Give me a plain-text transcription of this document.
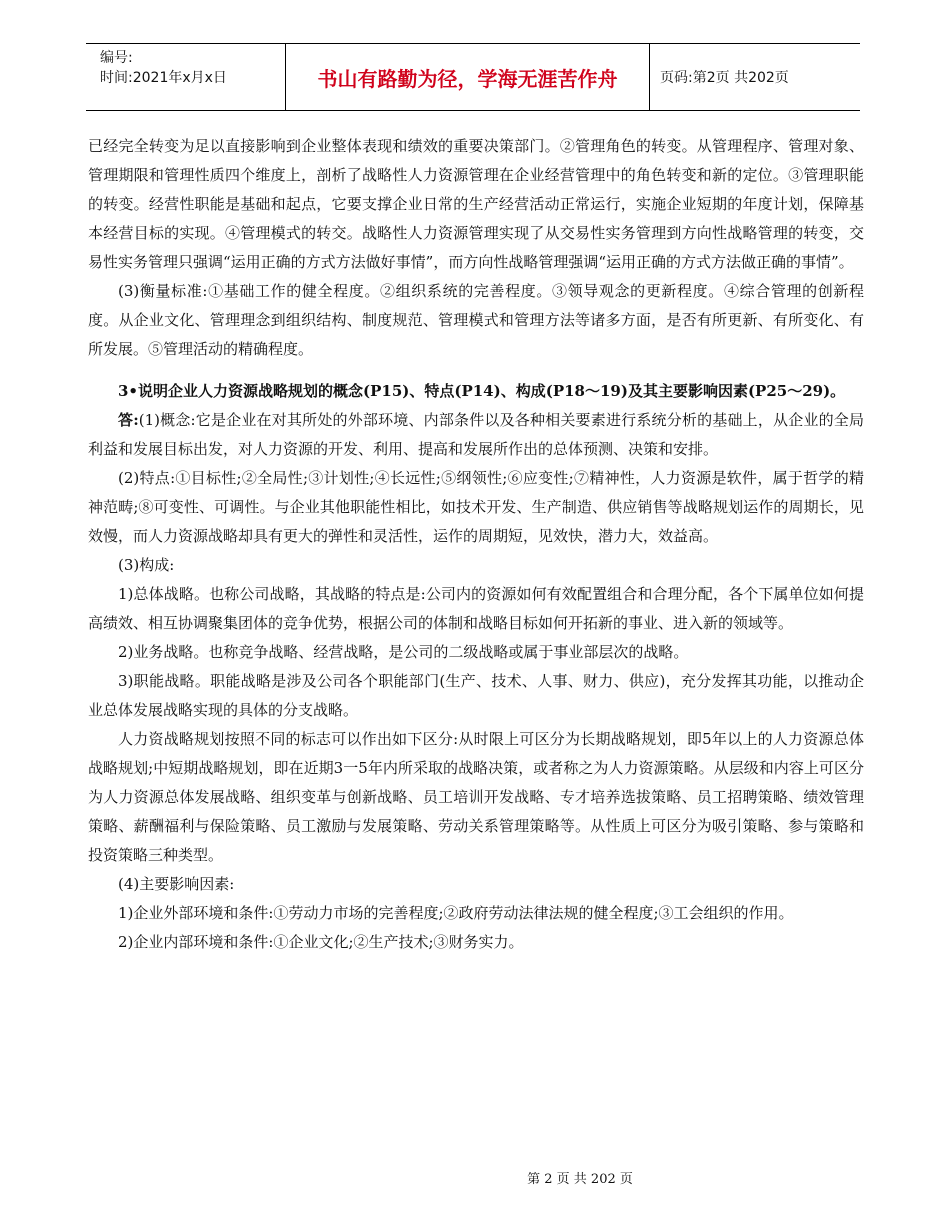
编号:
时间:2021年x月x日	书山有路勤为径，学海无涯苦作舟	页码:第2页 共202页

已经完全转变为足以直接影响到企业整体表现和绩效的重要决策部门。②管理角色的转变。从管理程序、管理对象、管理期限和管理性质四个维度上，剖析了战略性人力资源管理在企业经营管理中的角色转变和新的定位。③管理职能的转变。经营性职能是基础和起点，它要支撑企业日常的生产经营活动正常运行，实施企业短期的年度计划，保障基本经营目标的实现。④管理模式的转交。战略性人力资源管理实现了从交易性实务管理到方向性战略管理的转变，交易性实务管理只强调“运用正确的方式方法做好事情”，而方向性战略管理强调“运用正确的方式方法做正确的事情”。

(3)衡量标准:①基础工作的健全程度。②组织系统的完善程度。③领导观念的更新程度。④综合管理的创新程度。从企业文化、管理理念到组织结构、制度规范、管理模式和管理方法等诸多方面，是否有所更新、有所变化、有所发展。⑤管理活动的精确程度。

3•说明企业人力资源战略规划的概念(P15)、特点(P14)、构成(P18～19)及其主要影响因素(P25～29)。

答:(1)概念:它是企业在对其所处的外部环境、内部条件以及各种相关要素进行系统分析的基础上，从企业的全局利益和发展目标出发，对人力资源的开发、利用、提高和发展所作出的总体预测、决策和安排。

(2)特点:①目标性;②全局性;③计划性;④长远性;⑤纲领性;⑥应变性;⑦精神性，人力资源是软件，属于哲学的精神范畴;⑧可变性、可调性。与企业其他职能性相比，如技术开发、生产制造、供应销售等战略规划运作的周期长，见效慢，而人力资源战略却具有更大的弹性和灵活性，运作的周期短，见效快，潜力大，效益高。

(3)构成:

1)总体战略。也称公司战略，其战略的特点是:公司内的资源如何有效配置组合和合理分配，各个下属单位如何提高绩效、相互协调聚集团体的竞争优势，根据公司的体制和战略目标如何开拓新的事业、进入新的领域等。

2)业务战略。也称竞争战略、经营战略，是公司的二级战略或属于事业部层次的战略。

3)职能战略。职能战略是涉及公司各个职能部门(生产、技术、人事、财力、供应)，充分发挥其功能，以推动企业总体发展战略实现的具体的分支战略。

人力资战略规划按照不同的标志可以作出如下区分:从时限上可区分为长期战略规划，即5年以上的人力资源总体战略规划;中短期战略规划，即在近期3一5年内所采取的战略决策，或者称之为人力资源策略。从层级和内容上可区分为人力资源总体发展战略、组织变革与创新战略、员工培训开发战略、专才培养选拔策略、员工招聘策略、绩效管理策略、薪酬福利与保险策略、员工激励与发展策略、劳动关系管理策略等。从性质上可区分为吸引策略、参与策略和投资策略三种类型。

(4)主要影响因素:

1)企业外部环境和条件:①劳动力市场的完善程度;②政府劳动法律法规的健全程度;③工会组织的作用。

2)企业内部环境和条件:①企业文化;②生产技术;③财务实力。

第 2 页 共 202 页
